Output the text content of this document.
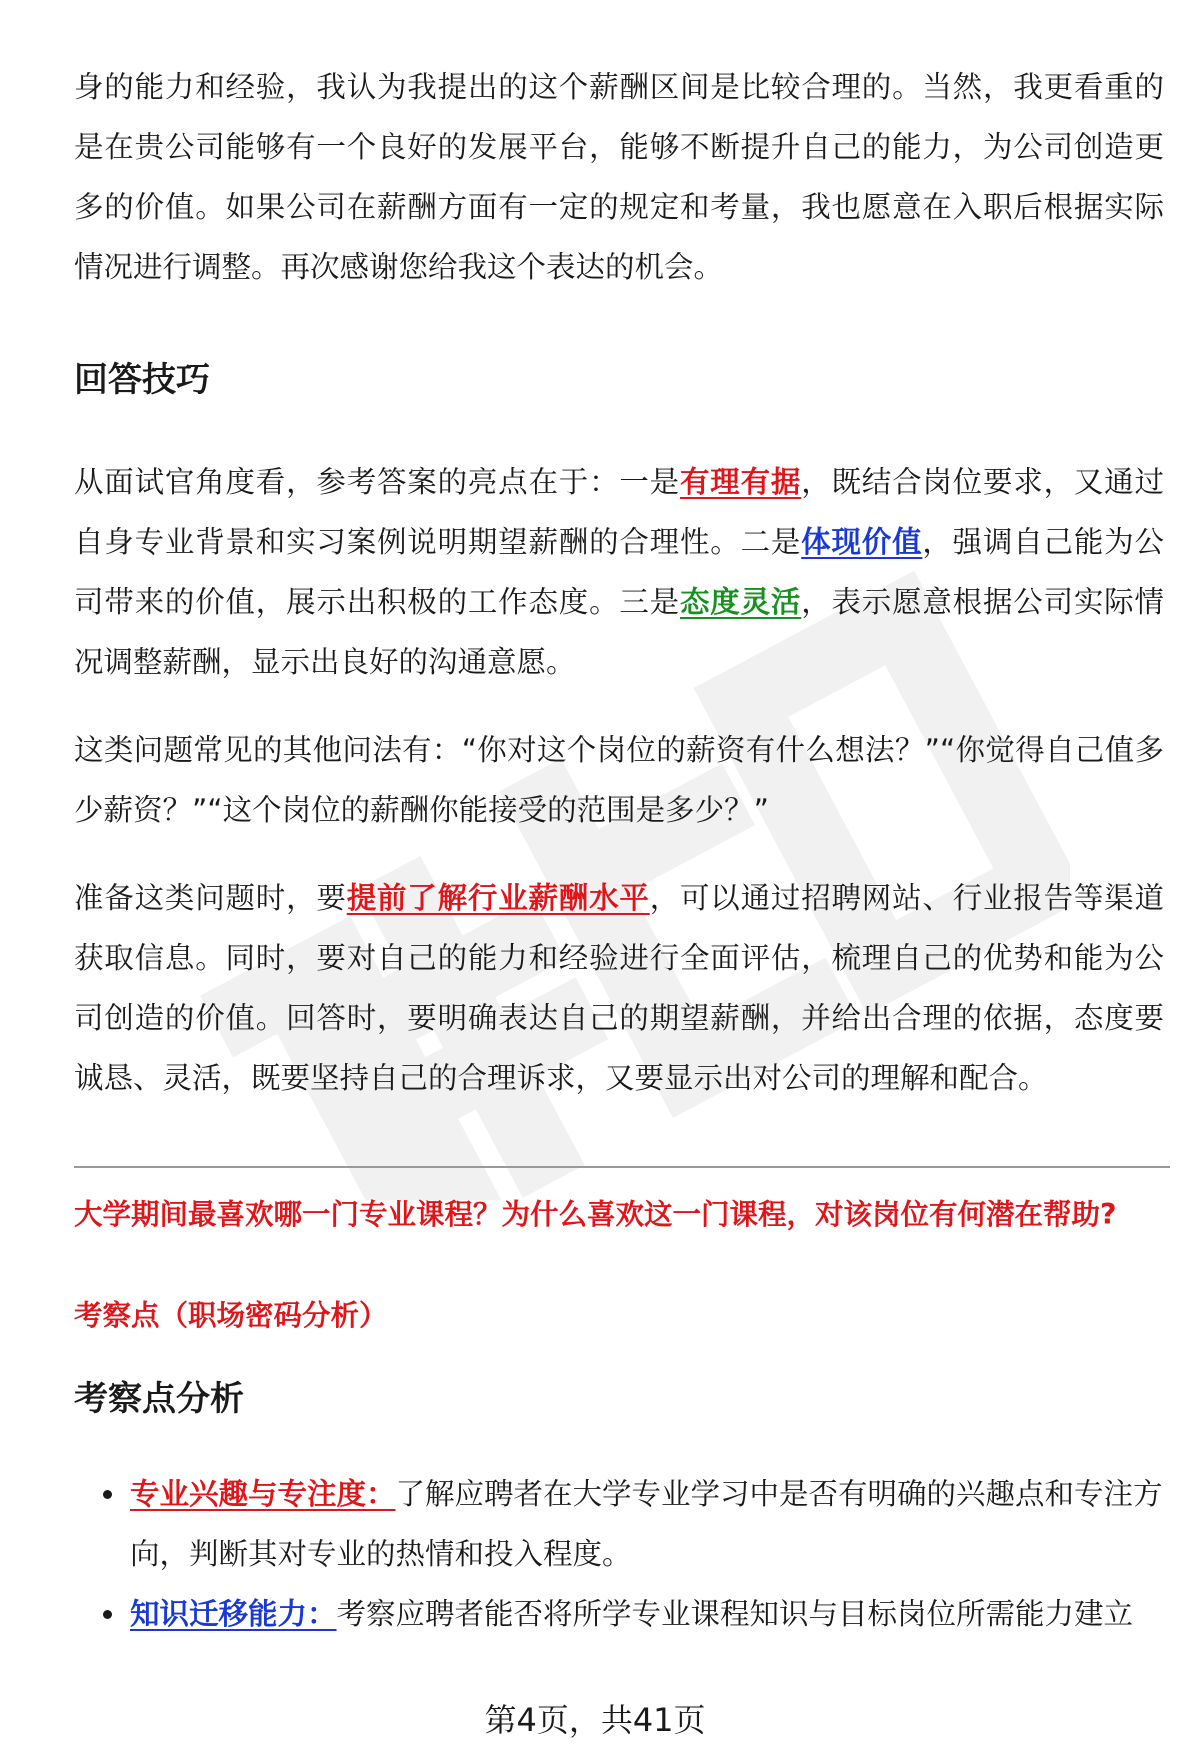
身的能力和经验，我认为我提出的这个薪酬区间是比较合理的。当然，我更看重的是在贵公司能够有一个良好的发展平台，能够不断提升自己的能力，为公司创造更多的价值。如果公司在薪酬方面有一定的规定和考量，我也愿意在入职后根据实际情况进行调整。再次感谢您给我这个表达的机会。

回答技巧

从面试官角度看，参考答案的亮点在于：一是有理有据，既结合岗位要求，又通过自身专业背景和实习案例说明期望薪酬的合理性。二是体现价值，强调自己能为公司带来的价值，展示出积极的工作态度。三是态度灵活，表示愿意根据公司实际情况调整薪酬，显示出良好的沟通意愿。

这类问题常见的其他问法有：“你对这个岗位的薪资有什么想法？”“你觉得自己值多少薪资？”“这个岗位的薪酬你能接受的范围是多少？”

准备这类问题时，要提前了解行业薪酬水平，可以通过招聘网站、行业报告等渠道获取信息。同时，要对自己的能力和经验进行全面评估，梳理自己的优势和能为公司创造的价值。回答时，要明确表达自己的期望薪酬，并给出合理的依据，态度要诚恳、灵活，既要坚持自己的合理诉求，又要显示出对公司的理解和配合。

大学期间最喜欢哪一门专业课程？为什么喜欢这一门课程，对该岗位有何潜在帮助?

考察点（职场密码分析）

考察点分析
专业兴趣与专注度：了解应聘者在大学专业学习中是否有明确的兴趣点和专注方向，判断其对专业的热情和投入程度。
知识迁移能力：考察应聘者能否将所学专业课程知识与目标岗位所需能力建立
第4页，共41页
